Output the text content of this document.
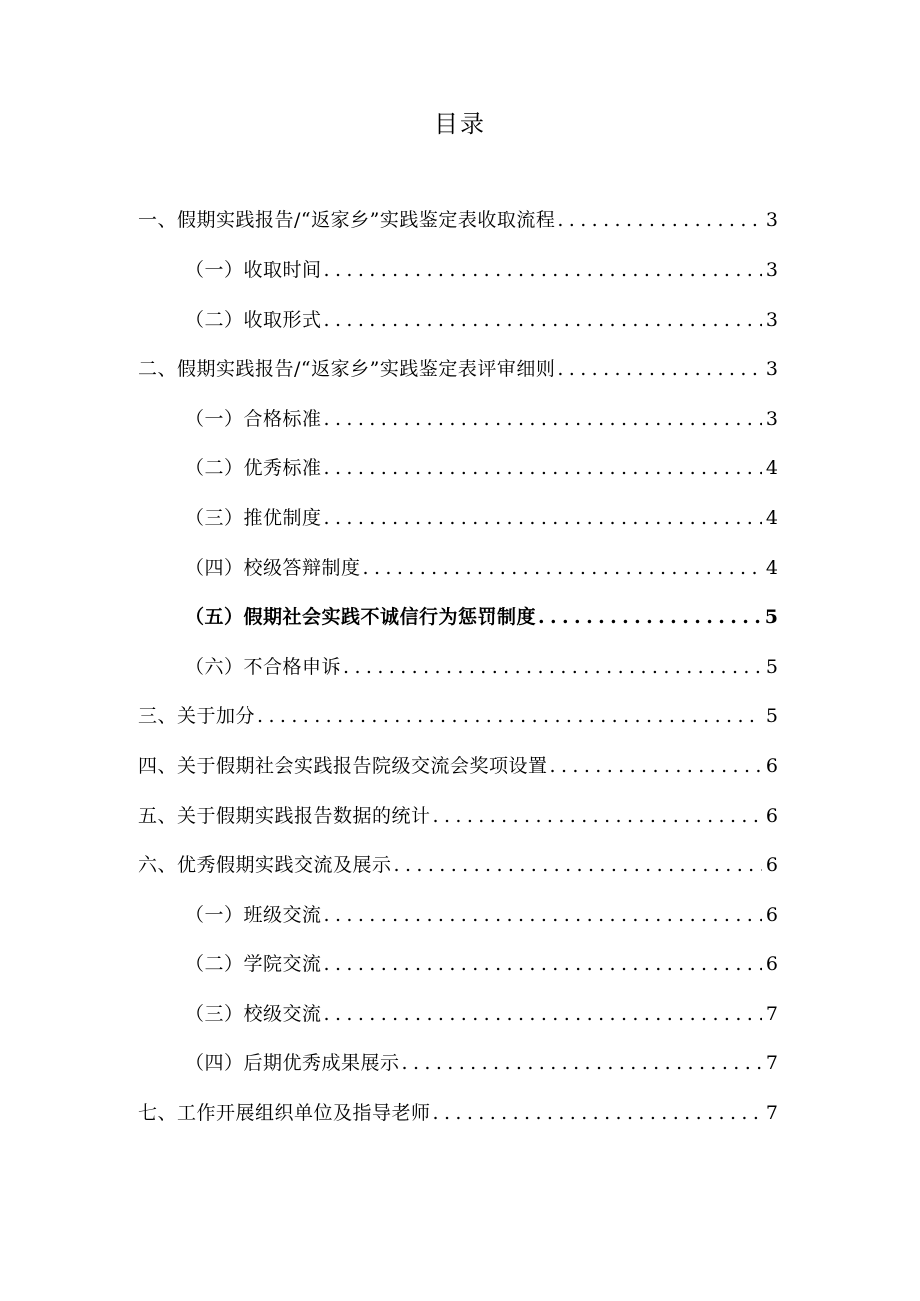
目录
一、假期实践报告/“返家乡”实践鉴定表收取流程 .....	3
（一）收取时间 .....	3
（二）收取形式 .....	3
二、假期实践报告/“返家乡”实践鉴定表评审细则 .....	3
（一）合格标准 .....	3
（二）优秀标准 .....	4
（三）推优制度 .....	4
（四）校级答辩制度 .....	4
（五）假期社会实践不诚信行为惩罚制度 .....	5
（六）不合格申诉 .....	5
三、关于加分 .....	5
四、关于假期社会实践报告院级交流会奖项设置 .....	6
五、关于假期实践报告数据的统计 .....	6
六、优秀假期实践交流及展示 .....	6
（一）班级交流 .....	6
（二）学院交流 .....	6
（三）校级交流 .....	7
（四）后期优秀成果展示 .....	7
七、工作开展组织单位及指导老师 .....	7
